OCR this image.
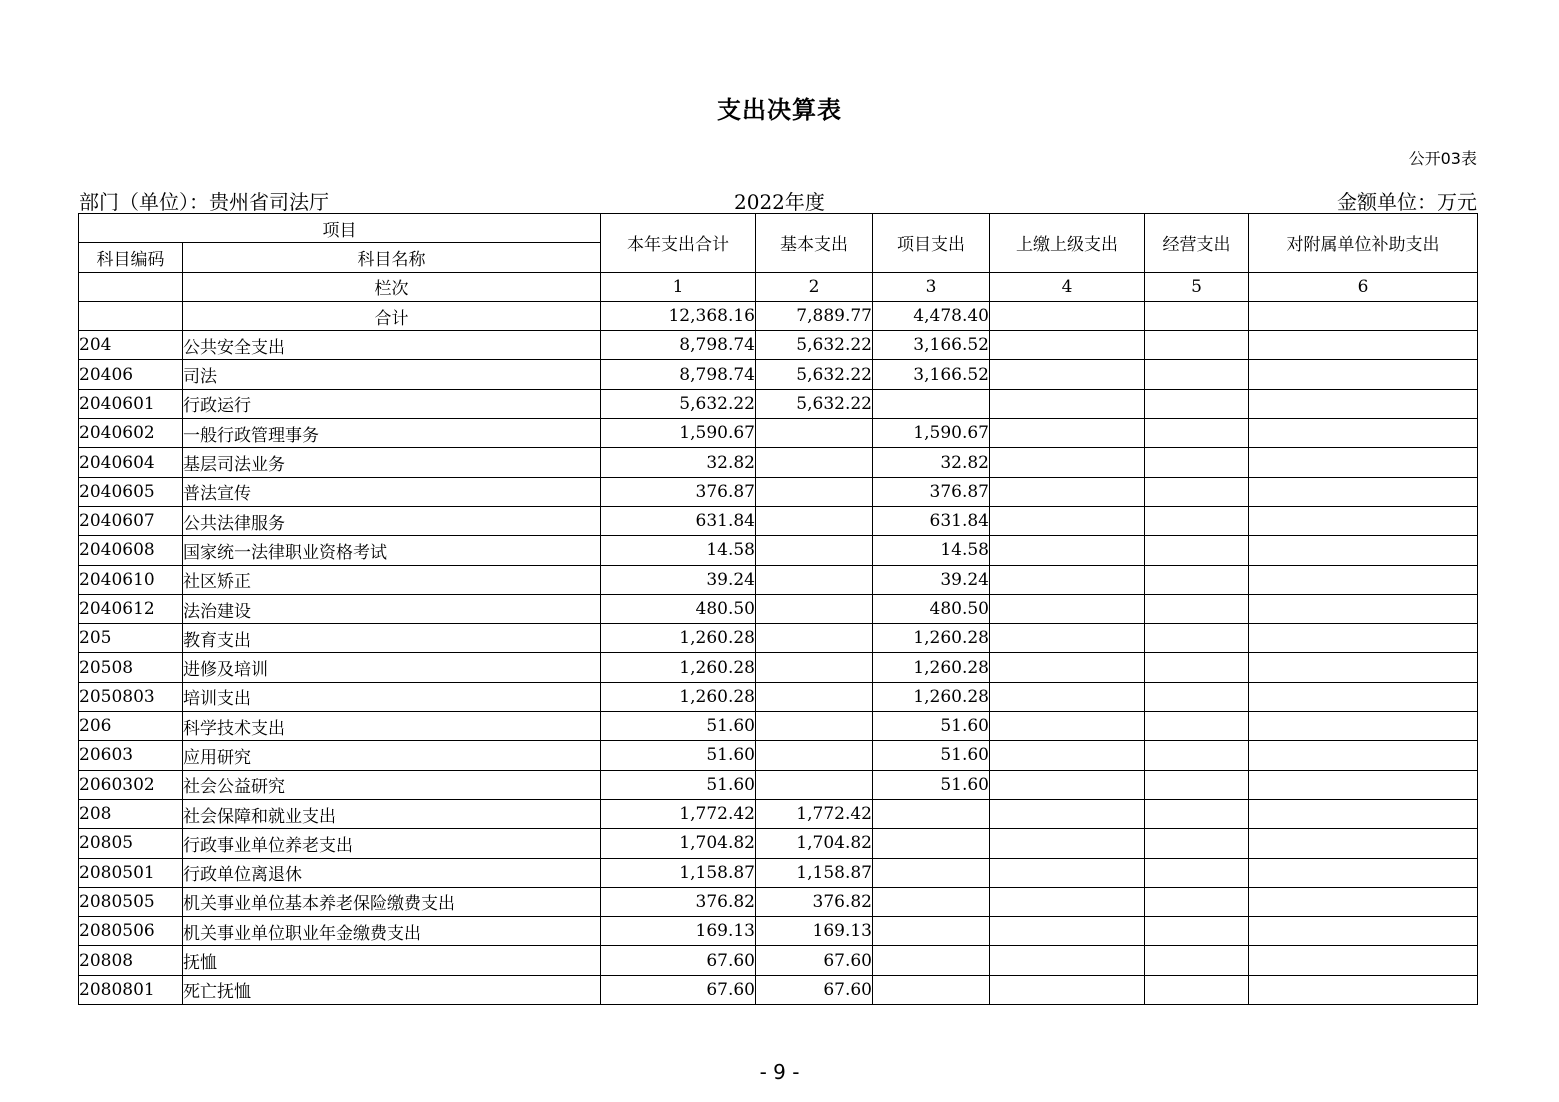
支出决算表
公开03表
部门（单位）：贵州省司法厅	2022年度	金额单位：万元
项目		本年支出合计	基本支出	项目支出	上缴上级支出	经营支出	对附属单位补助支出
科目编码	科目名称						
	栏次	1	2	3	4	5	6
	合计	12,368.16	7,889.77	4,478.40			
204	公共安全支出	8,798.74	5,632.22	3,166.52			
20406	司法	8,798.74	5,632.22	3,166.52			
2040601	行政运行	5,632.22	5,632.22				
2040602	一般行政管理事务	1,590.67		1,590.67			
2040604	基层司法业务	32.82		32.82			
2040605	普法宣传	376.87		376.87			
2040607	公共法律服务	631.84		631.84			
2040608	国家统一法律职业资格考试	14.58		14.58			
2040610	社区矫正	39.24		39.24			
2040612	法治建设	480.50		480.50			
205	教育支出	1,260.28		1,260.28			
20508	进修及培训	1,260.28		1,260.28			
2050803	培训支出	1,260.28		1,260.28			
206	科学技术支出	51.60		51.60			
20603	应用研究	51.60		51.60			
2060302	社会公益研究	51.60		51.60			
208	社会保障和就业支出	1,772.42	1,772.42				
20805	行政事业单位养老支出	1,704.82	1,704.82				
2080501	行政单位离退休	1,158.87	1,158.87				
2080505	机关事业单位基本养老保险缴费支出	376.82	376.82				
2080506	机关事业单位职业年金缴费支出	169.13	169.13				
20808	抚恤	67.60	67.60				
2080801	死亡抚恤	67.60	67.60				
- 9 -
